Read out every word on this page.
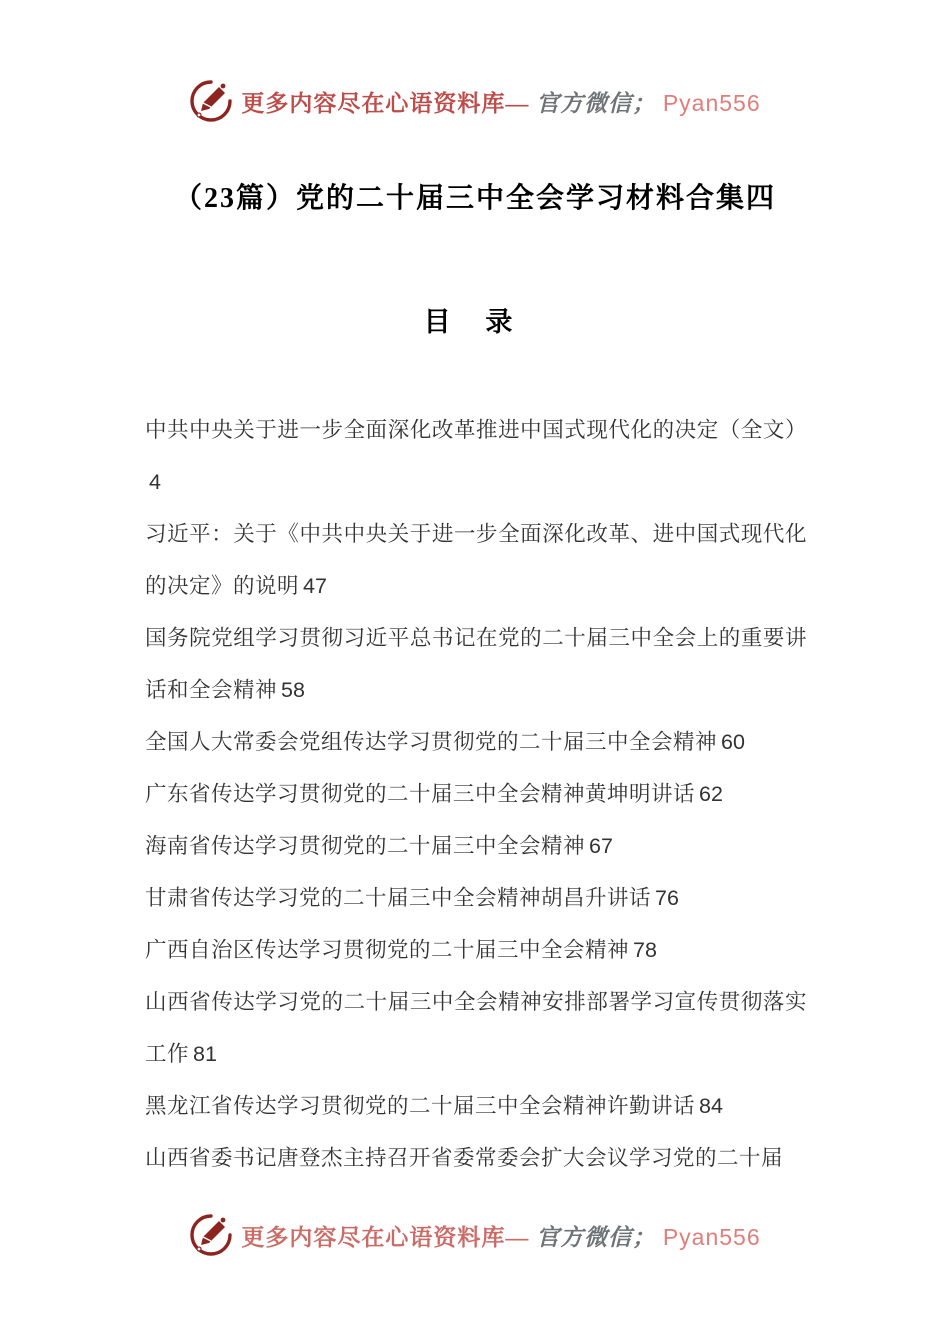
更多内容尽在心语资料库— 官方微信； Pyan556
（23篇）党的二十届三中全会学习材料合集四
目 录

中共中央关于进一步全面深化改革推进中国式现代化的决定（全文）4

习近平：关于《中共中央关于进一步全面深化改革、进中国式现代化的决定》的说明 47

国务院党组学习贯彻习近平总书记在党的二十届三中全会上的重要讲话和全会精神 58

全国人大常委会党组传达学习贯彻党的二十届三中全会精神 60

广东省传达学习贯彻党的二十届三中全会精神黄坤明讲话 62

海南省传达学习贯彻党的二十届三中全会精神 67

甘肃省传达学习党的二十届三中全会精神胡昌升讲话 76

广西自治区传达学习贯彻党的二十届三中全会精神 78

山西省传达学习党的二十届三中全会精神安排部署学习宣传贯彻落实工作 81

黑龙江省传达学习贯彻党的二十届三中全会精神许勤讲话 84

山西省委书记唐登杰主持召开省委常委会扩大会议学习党的二十届

更多内容尽在心语资料库— 官方微信； Pyan556
